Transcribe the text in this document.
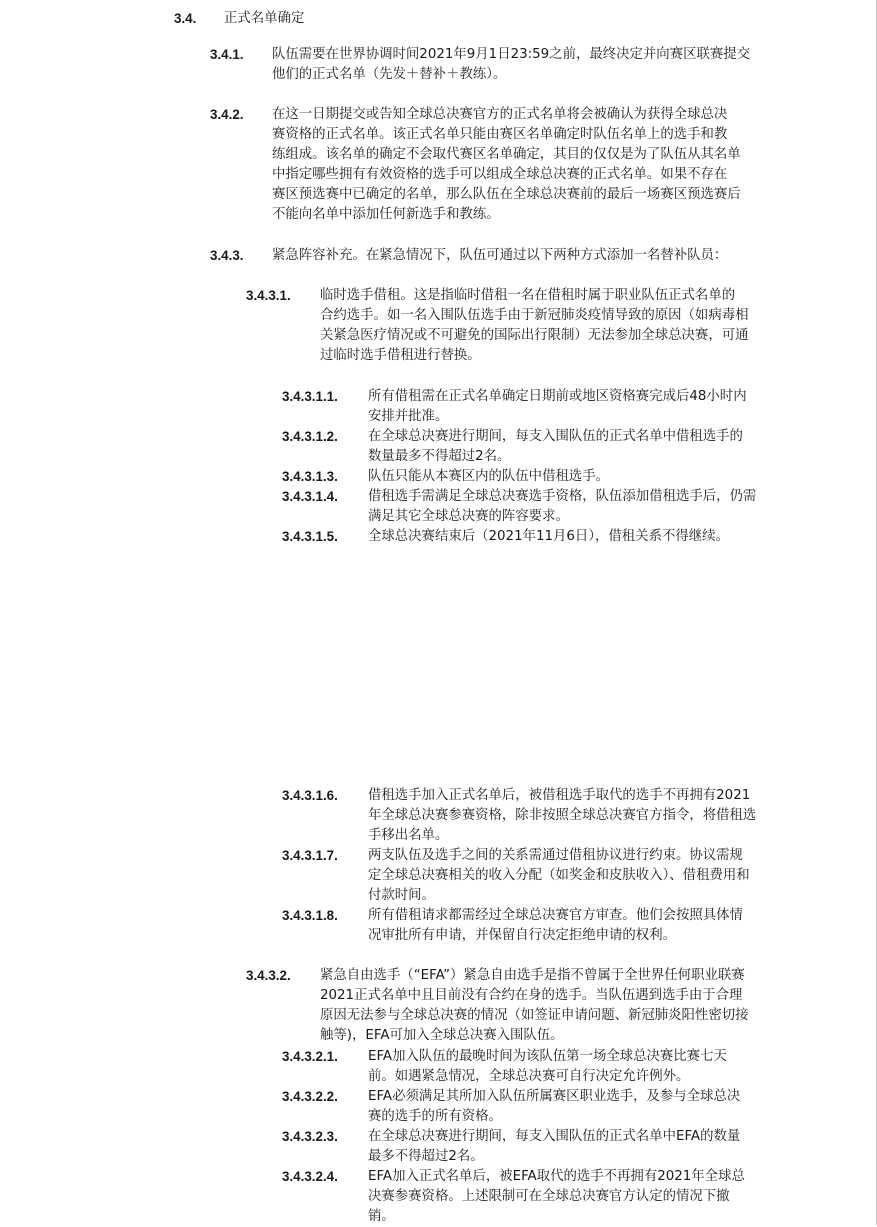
3.4. 正式名单确定
3.4.1. 队伍需要在世界协调时间2021年9月1日23:59之前，最终决定并向赛区联赛提交
他们的正式名单（先发＋替补＋教练）。
3.4.2. 在这一日期提交或告知全球总决赛官方的正式名单将会被确认为获得全球总决
赛资格的正式名单。该正式名单只能由赛区名单确定时队伍名单上的选手和教
练组成。该名单的确定不会取代赛区名单确定，其目的仅仅是为了队伍从其名单
中指定哪些拥有有效资格的选手可以组成全球总决赛的正式名单。如果不存在
赛区预选赛中已确定的名单，那么队伍在全球总决赛前的最后一场赛区预选赛后
不能向名单中添加任何新选手和教练。
3.4.3. 紧急阵容补充。在紧急情况下，队伍可通过以下两种方式添加一名替补队员：
3.4.3.1. 临时选手借租。这是指临时借租一名在借租时属于职业队伍正式名单的
合约选手。如一名入围队伍选手由于新冠肺炎疫情导致的原因（如病毒相
关紧急医疗情况或不可避免的国际出行限制）无法参加全球总决赛，可通
过临时选手借租进行替换。
3.4.3.1.1. 所有借租需在正式名单确定日期前或地区资格赛完成后48小时内
安排并批准。
3.4.3.1.2. 在全球总决赛进行期间，每支入围队伍的正式名单中借租选手的
数量最多不得超过2名。
3.4.3.1.3. 队伍只能从本赛区内的队伍中借租选手。
3.4.3.1.4. 借租选手需满足全球总决赛选手资格，队伍添加借租选手后，仍需
满足其它全球总决赛的阵容要求。
3.4.3.1.5. 全球总决赛结束后（2021年11月6日），借租关系不得继续。
3.4.3.1.6. 借租选手加入正式名单后，被借租选手取代的选手不再拥有2021
年全球总决赛参赛资格，除非按照全球总决赛官方指令，将借租选
手移出名单。
3.4.3.1.7. 两支队伍及选手之间的关系需通过借租协议进行约束。协议需规
定全球总决赛相关的收入分配（如奖金和皮肤收入）、借租费用和
付款时间。
3.4.3.1.8. 所有借租请求都需经过全球总决赛官方审查。他们会按照具体情
况审批所有申请，并保留自行决定拒绝申请的权利。
3.4.3.2. 紧急自由选手（“EFA”）紧急自由选手是指不曾属于全世界任何职业联赛
2021正式名单中且目前没有合约在身的选手。当队伍遇到选手由于合理
原因无法参与全球总决赛的情况（如签证申请问题、新冠肺炎阳性密切接
触等)，EFA可加入全球总决赛入围队伍。
3.4.3.2.1. EFA加入队伍的最晚时间为该队伍第一场全球总决赛比赛七天
前。如遇紧急情况，全球总决赛可自行决定允许例外。
3.4.3.2.2. EFA必须满足其所加入队伍所属赛区职业选手，及参与全球总决
赛的选手的所有资格。
3.4.3.2.3. 在全球总决赛进行期间，每支入围队伍的正式名单中EFA的数量
最多不得超过2名。
3.4.3.2.4. EFA加入正式名单后，被EFA取代的选手不再拥有2021年全球总
决赛参赛资格。上述限制可在全球总决赛官方认定的情况下撤
销。
